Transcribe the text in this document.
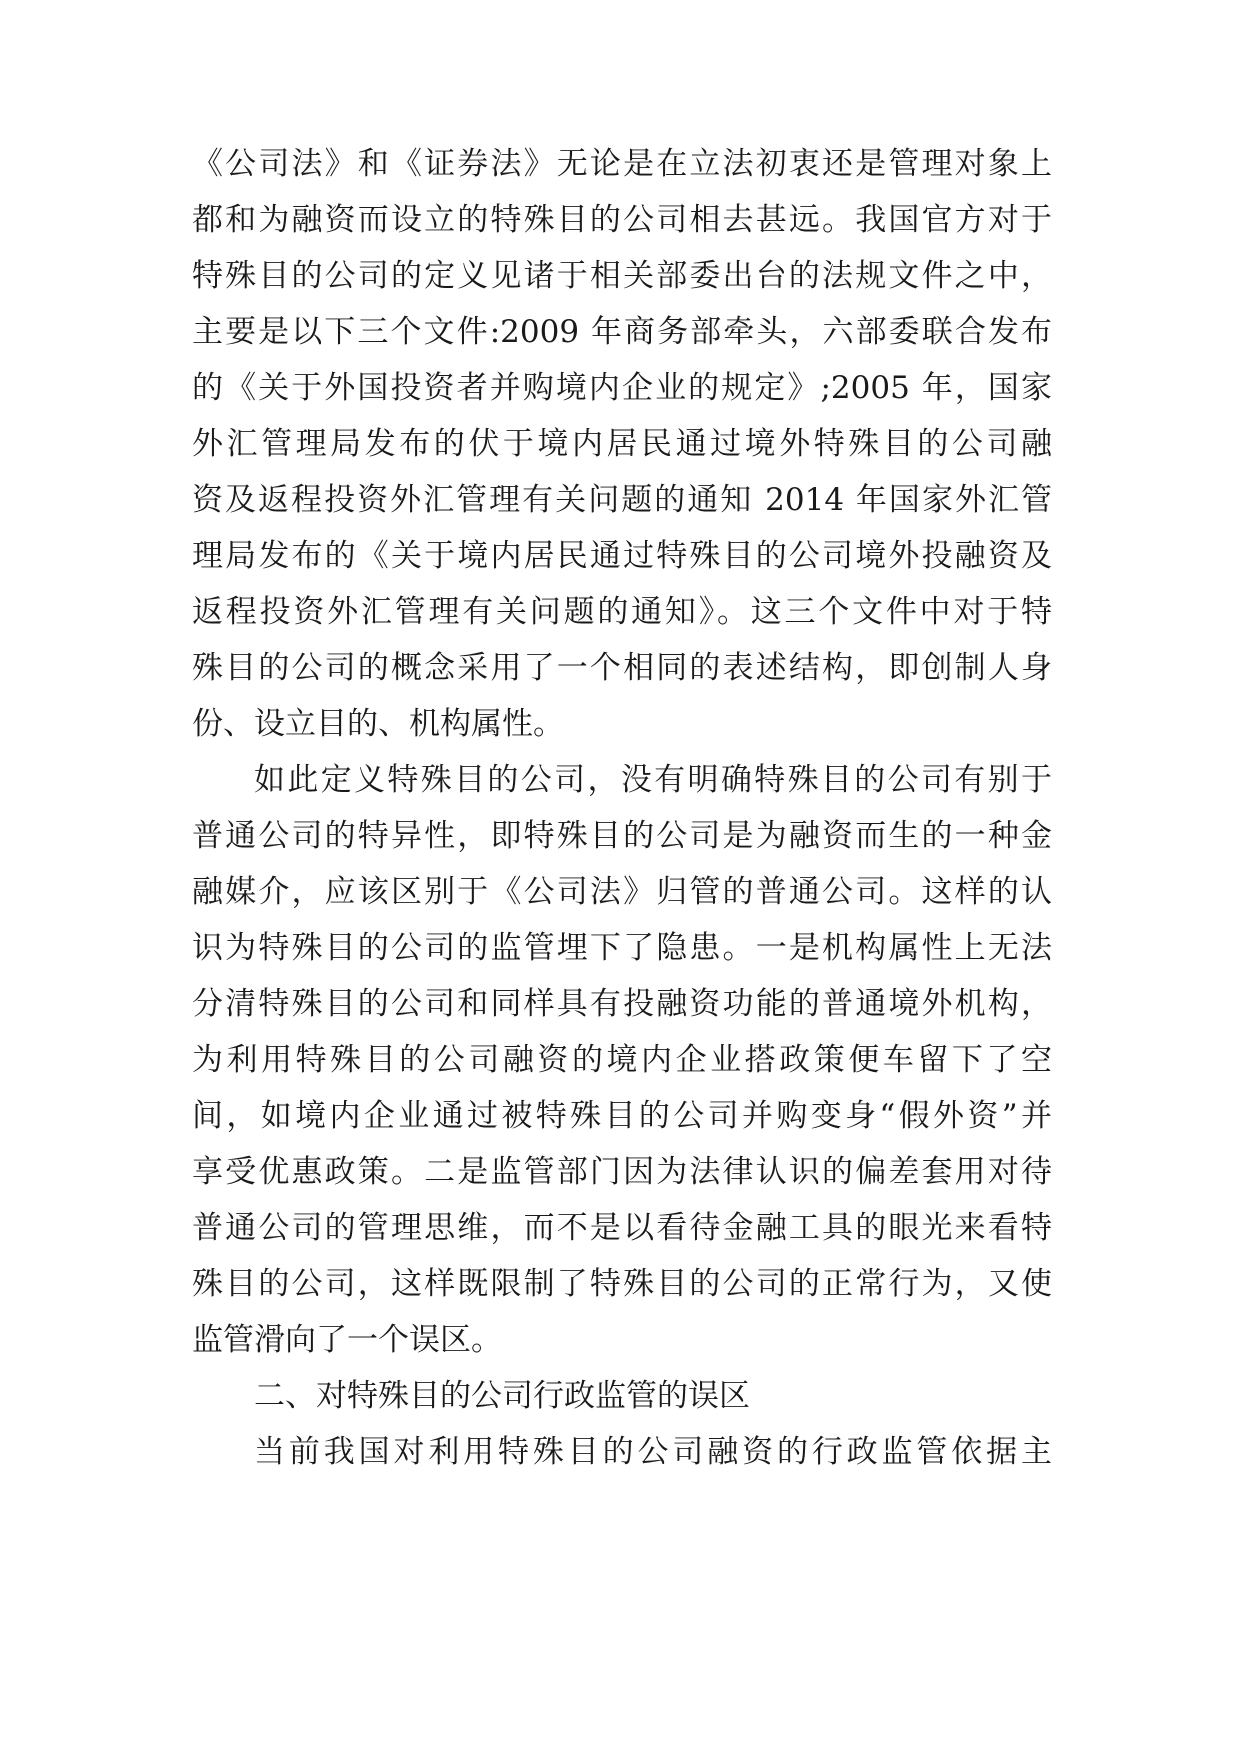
《公司法》和《证券法》无论是在立法初衷还是管理对象上

都和为融资而设立的特殊目的公司相去甚远。我国官方对于

特殊目的公司的定义见诸于相关部委出台的法规文件之中，

主要是以下三个文件:2009 年商务部牵头，六部委联合发布

的《关于外国投资者并购境内企业的规定》;2005 年，国家

外汇管理局发布的伏于境内居民通过境外特殊目的公司融

资及返程投资外汇管理有关问题的通知 2014 年国家外汇管

理局发布的《关于境内居民通过特殊目的公司境外投融资及

返程投资外汇管理有关问题的通知》。这三个文件中对于特

殊目的公司的概念采用了一个相同的表述结构，即创制人身

份、设立目的、机构属性。

如此定义特殊目的公司，没有明确特殊目的公司有别于

普通公司的特异性，即特殊目的公司是为融资而生的一种金

融媒介，应该区别于《公司法》归管的普通公司。这样的认

识为特殊目的公司的监管埋下了隐患。一是机构属性上无法

分清特殊目的公司和同样具有投融资功能的普通境外机构，

为利用特殊目的公司融资的境内企业搭政策便车留下了空

间，如境内企业通过被特殊目的公司并购变身“假外资”并

享受优惠政策。二是监管部门因为法律认识的偏差套用对待

普通公司的管理思维，而不是以看待金融工具的眼光来看特

殊目的公司，这样既限制了特殊目的公司的正常行为，又使

监管滑向了一个误区。

二、对特殊目的公司行政监管的误区

当前我国对利用特殊目的公司融资的行政监管依据主
